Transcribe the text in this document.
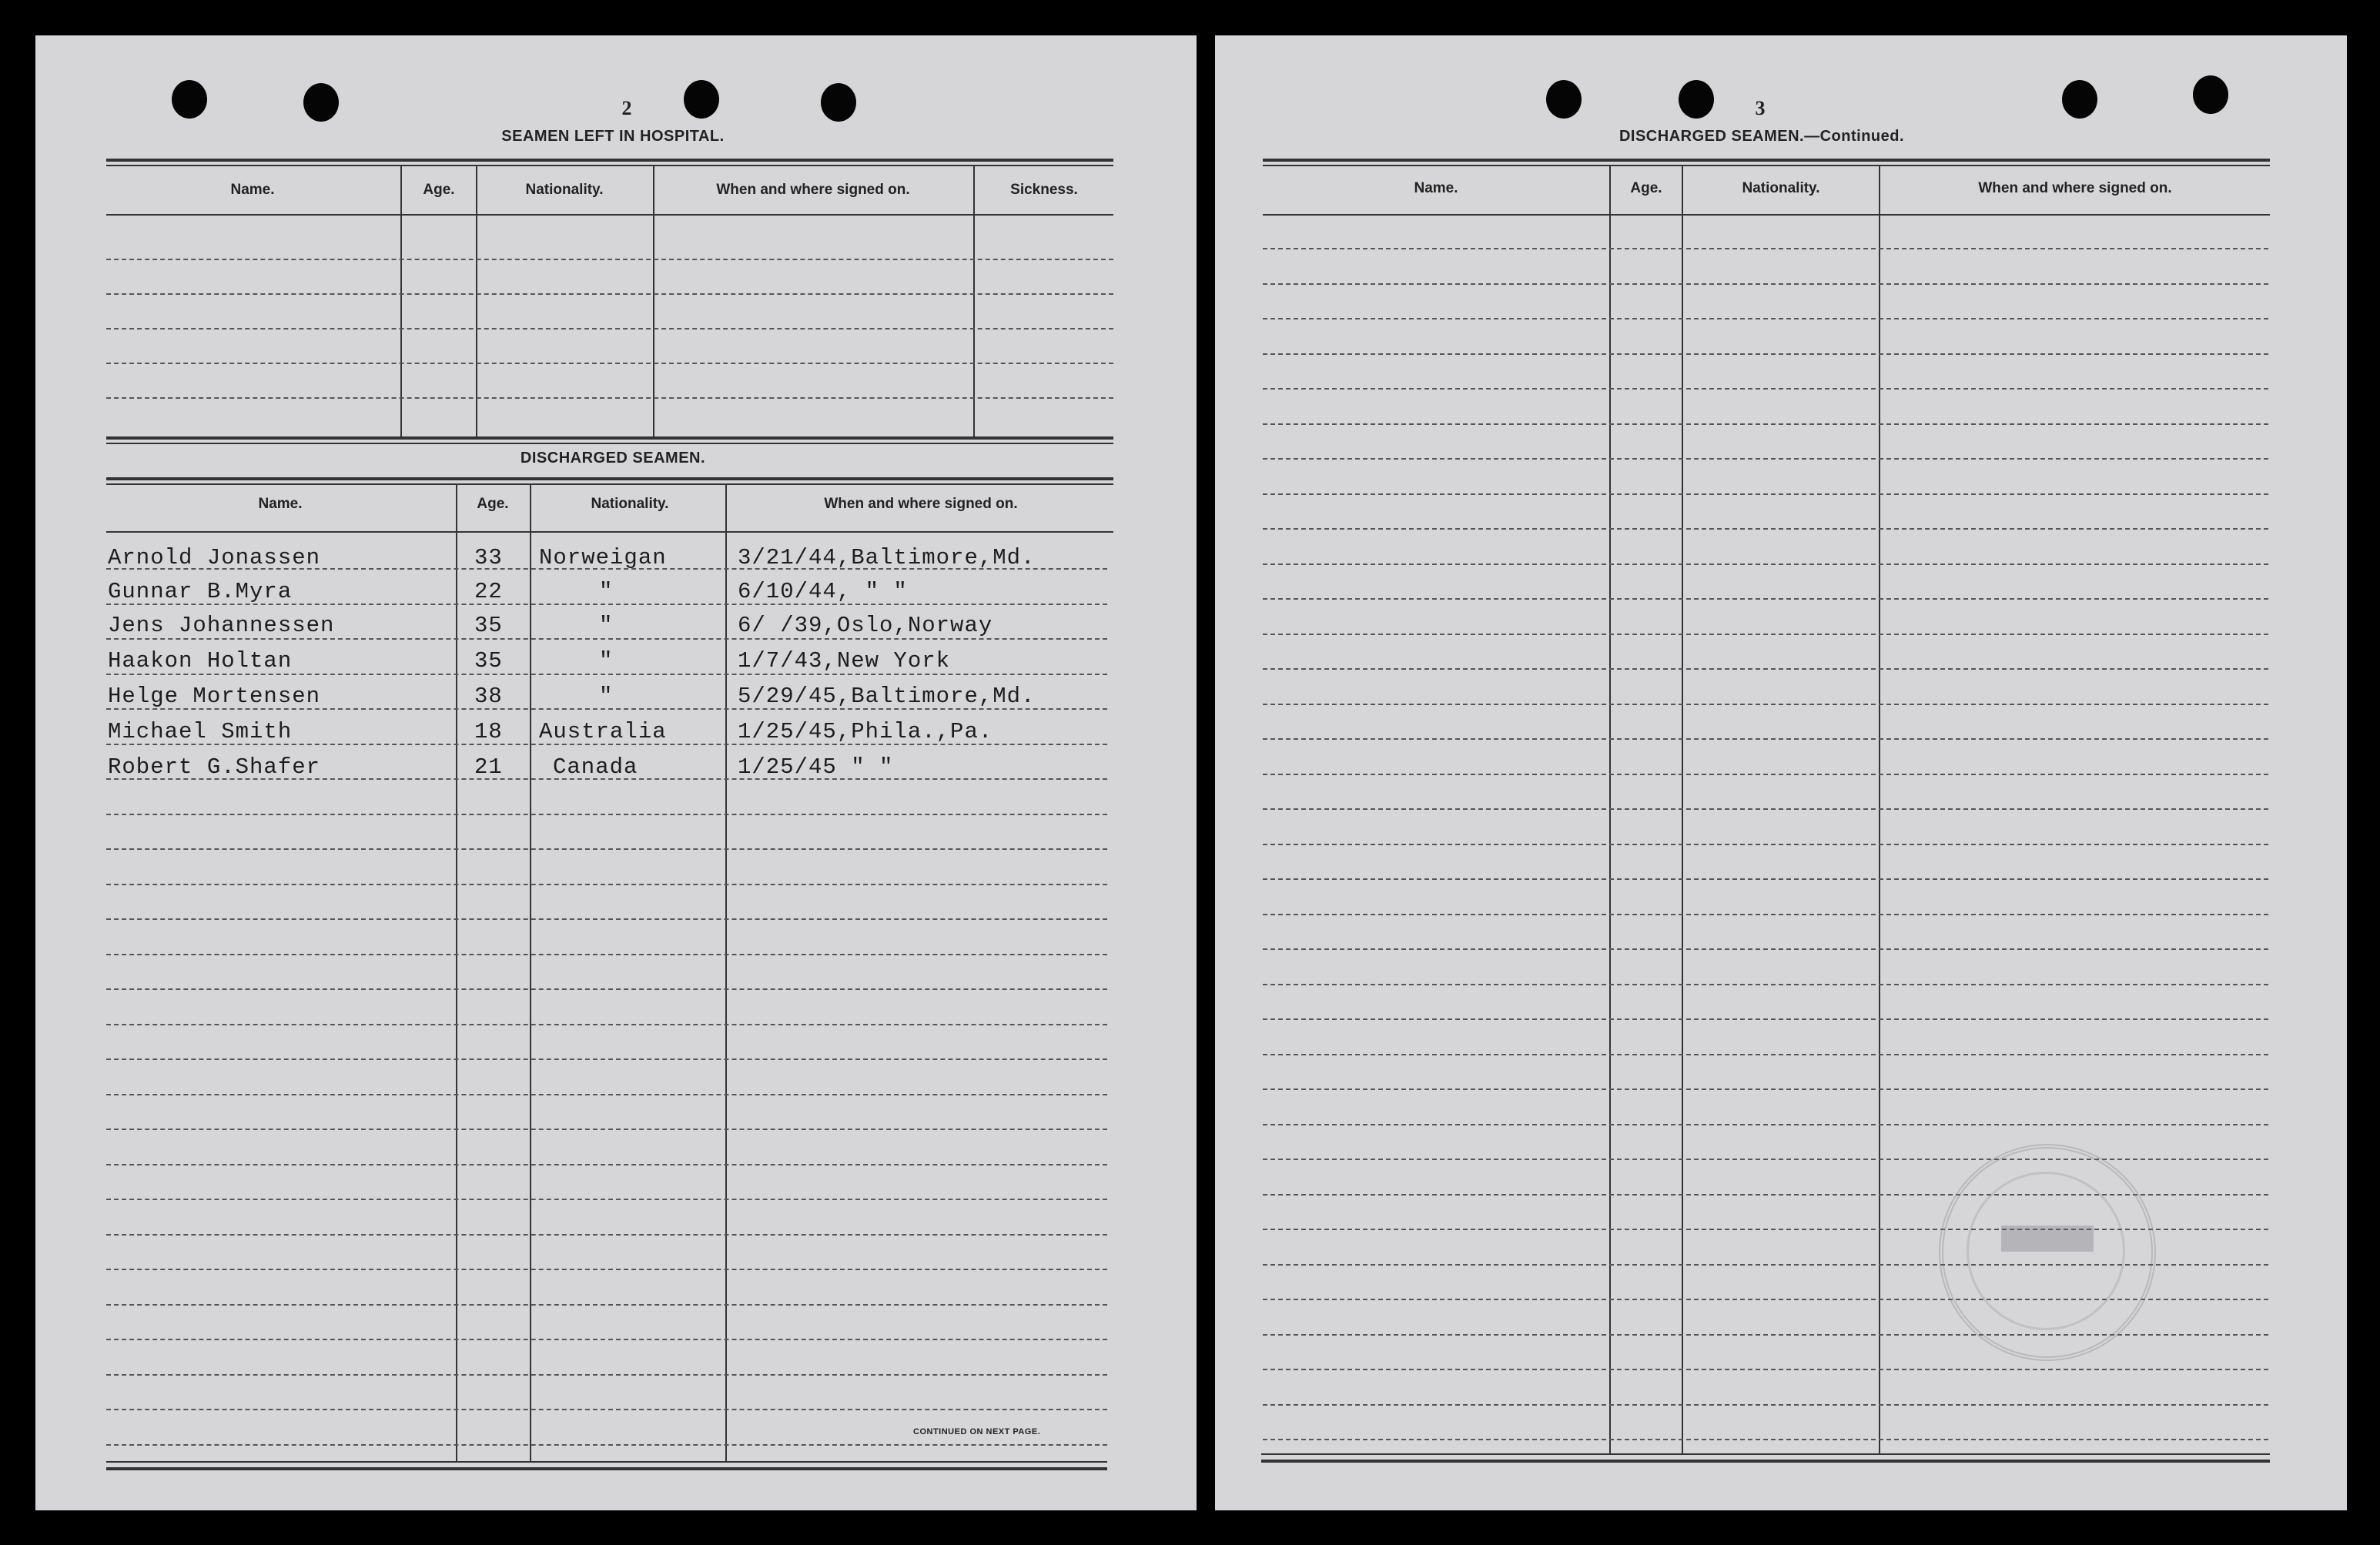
2
SEAMEN LEFT IN HOSPITAL.
Name.	Age.	Nationality.	When and where signed on.	Sickness.
DISCHARGED SEAMEN.
Name.	Age.	Nationality.	When and where signed on.
Arnold Jonassen	33 Norweigan	3/21/44,Baltimore,Md.
Gunnar B.Myra	22	"	6/10/44, " "
Jens Johannessen	35	"	6/ /39,Oslo,Norway
Haakon Holtan	35	"	1/7/43,New York
Helge Mortensen	38	"	5/29/45,Baltimore,Md.
Michael Smith	18 Australia	1/25/45,Phila.,Pa.
Robert G.Shafer	21 Canada	1/25/45 " "
CONTINUED ON NEXT PAGE.
3
DISCHARGED SEAMEN.—Continued.
Name.	Age.	Nationality.	When and where signed on.
